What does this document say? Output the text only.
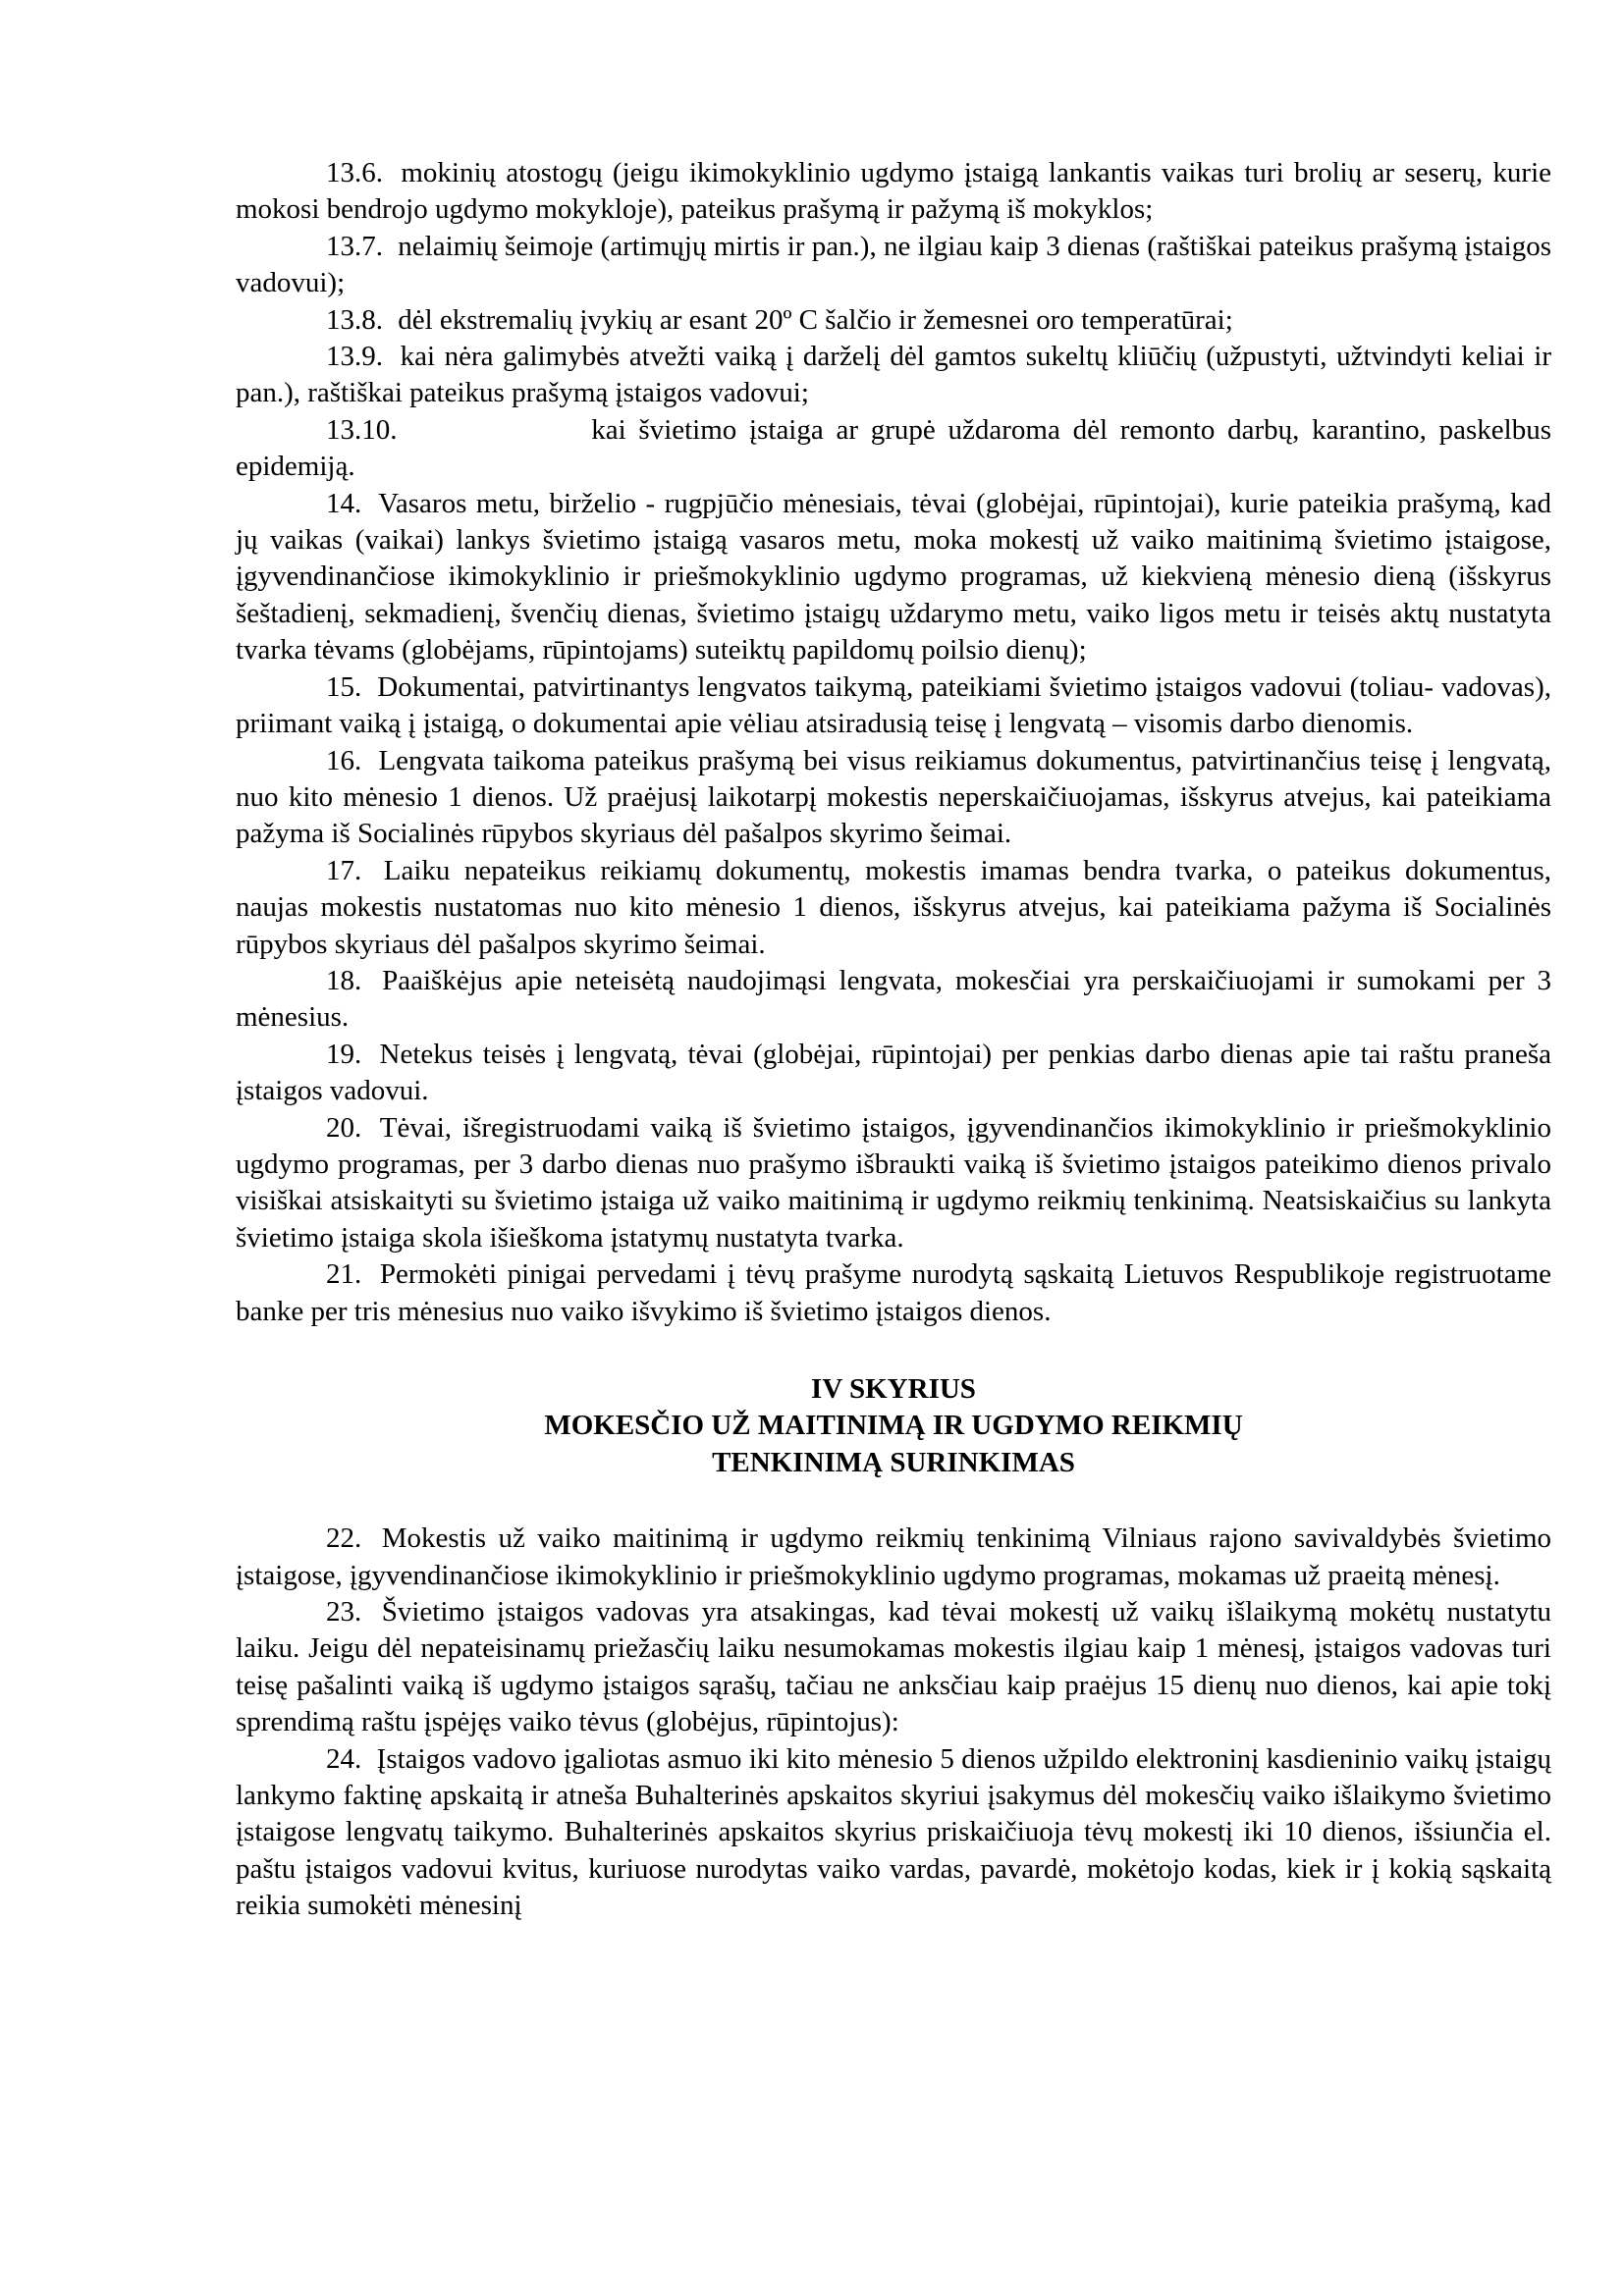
13.6. mokinių atostogų (jeigu ikimokyklinio ugdymo įstaigą lankantis vaikas turi brolių ar seserų, kurie mokosi bendrojo ugdymo mokykloje), pateikus prašymą ir pažymą iš mokyklos;

13.7. nelaimių šeimoje (artimųjų mirtis ir pan.), ne ilgiau kaip 3 dienas (raštiškai pateikus prašymą įstaigos vadovui);

13.8. dėl ekstremalių įvykių ar esant 20º C šalčio ir žemesnei oro temperatūrai;

13.9. kai nėra galimybės atvežti vaiką į darželį dėl gamtos sukeltų kliūčių (užpustyti, užtvindyti keliai ir pan.), raštiškai pateikus prašymą įstaigos vadovui;

13.10.	kai švietimo įstaiga ar grupė uždaroma dėl remonto darbų, karantino, paskelbus epidemiją.

14. Vasaros metu, birželio - rugpjūčio mėnesiais, tėvai (globėjai, rūpintojai), kurie pateikia prašymą, kad jų vaikas (vaikai) lankys švietimo įstaigą vasaros metu, moka mokestį už vaiko maitinimą švietimo įstaigose, įgyvendinančiose ikimokyklinio ir priešmokyklinio ugdymo programas, už kiekvieną mėnesio dieną (išskyrus šeštadienį, sekmadienį, švenčių dienas, švietimo įstaigų uždarymo metu, vaiko ligos metu ir teisės aktų nustatyta tvarka tėvams (globėjams, rūpintojams) suteiktų papildomų poilsio dienų);

15. Dokumentai, patvirtinantys lengvatos taikymą, pateikiami švietimo įstaigos vadovui (toliau- vadovas), priimant vaiką į įstaigą, o dokumentai apie vėliau atsiradusią teisę į lengvatą – visomis darbo dienomis.

16. Lengvata taikoma pateikus prašymą bei visus reikiamus dokumentus, patvirtinančius teisę į lengvatą, nuo kito mėnesio 1 dienos. Už praėjusį laikotarpį mokestis neperskaičiuojamas, išskyrus atvejus, kai pateikiama pažyma iš Socialinės rūpybos skyriaus dėl pašalpos skyrimo šeimai.

17. Laiku nepateikus reikiamų dokumentų, mokestis imamas bendra tvarka, o pateikus dokumentus, naujas mokestis nustatomas nuo kito mėnesio 1 dienos, išskyrus atvejus, kai pateikiama pažyma iš Socialinės rūpybos skyriaus dėl pašalpos skyrimo šeimai.

18. Paaiškėjus apie neteisėtą naudojimąsi lengvata, mokesčiai yra perskaičiuojami ir sumokami per 3 mėnesius.

19. Netekus teisės į lengvatą, tėvai (globėjai, rūpintojai) per penkias darbo dienas apie tai raštu praneša įstaigos vadovui.

20. Tėvai, išregistruodami vaiką iš švietimo įstaigos, įgyvendinančios ikimokyklinio ir priešmokyklinio ugdymo programas, per 3 darbo dienas nuo prašymo išbraukti vaiką iš švietimo įstaigos pateikimo dienos privalo visiškai atsiskaityti su švietimo įstaiga už vaiko maitinimą ir ugdymo reikmių tenkinimą. Neatsiskaičius su lankyta švietimo įstaiga skola išieškoma įstatymų nustatyta tvarka.

21. Permokėti pinigai pervedami į tėvų prašyme nurodytą sąskaitą Lietuvos Respublikoje registruotame banke per tris mėnesius nuo vaiko išvykimo iš švietimo įstaigos dienos.

IV SKYRIUS
MOKESČIO UŽ MAITINIMĄ IR UGDYMO REIKMIŲ
TENKINIMĄ SURINKIMAS

22. Mokestis už vaiko maitinimą ir ugdymo reikmių tenkinimą Vilniaus rajono savivaldybės švietimo įstaigose, įgyvendinančiose ikimokyklinio ir priešmokyklinio ugdymo programas, mokamas už praeitą mėnesį.

23. Švietimo įstaigos vadovas yra atsakingas, kad tėvai mokestį už vaikų išlaikymą mokėtų nustatytu laiku. Jeigu dėl nepateisinamų priežasčių laiku nesumokamas mokestis ilgiau kaip 1 mėnesį, įstaigos vadovas turi teisę pašalinti vaiką iš ugdymo įstaigos sąrašų, tačiau ne anksčiau kaip praėjus 15 dienų nuo dienos, kai apie tokį sprendimą raštu įspėjęs vaiko tėvus (globėjus, rūpintojus):

24. Įstaigos vadovo įgaliotas asmuo iki kito mėnesio 5 dienos užpildo elektroninį kasdieninio vaikų įstaigų lankymo faktinę apskaitą ir atneša Buhalterinės apskaitos skyriui įsakymus dėl mokesčių vaiko išlaikymo švietimo įstaigose lengvatų taikymo. Buhalterinės apskaitos skyrius priskaičiuoja tėvų mokestį iki 10 dienos, išsiunčia el. paštu įstaigos vadovui kvitus, kuriuose nurodytas vaiko vardas, pavardė, mokėtojo kodas, kiek ir į kokią sąskaitą reikia sumokėti mėnesinį
